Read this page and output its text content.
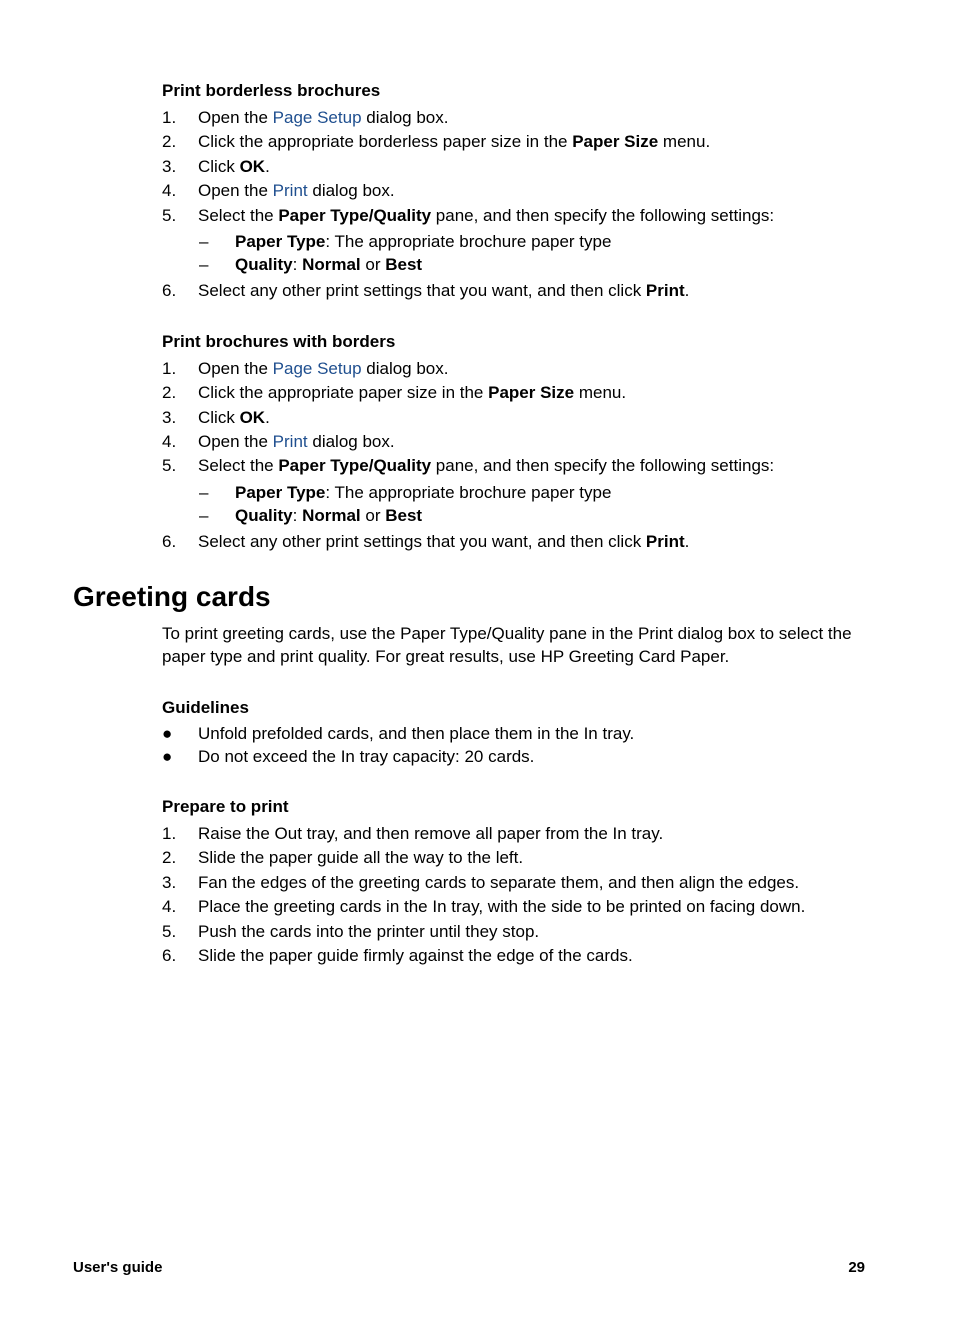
Print borderless brochures
1.	Open the Page Setup dialog box.
2.	Click the appropriate borderless paper size in the Paper Size menu.
3.	Click OK.
4.	Open the Print dialog box.
5.	Select the Paper Type/Quality pane, and then specify the following settings:
–	Paper Type: The appropriate brochure paper type
–	Quality: Normal or Best
6.	Select any other print settings that you want, and then click Print.
Print brochures with borders
1.	Open the Page Setup dialog box.
2.	Click the appropriate paper size in the Paper Size menu.
3.	Click OK.
4.	Open the Print dialog box.
5.	Select the Paper Type/Quality pane, and then specify the following settings:
–	Paper Type: The appropriate brochure paper type
–	Quality: Normal or Best
6.	Select any other print settings that you want, and then click Print.
Greeting cards
To print greeting cards, use the Paper Type/Quality pane in the Print dialog box to select the paper type and print quality. For great results, use HP Greeting Card Paper.
Guidelines
●	Unfold prefolded cards, and then place them in the In tray.
●	Do not exceed the In tray capacity: 20 cards.
Prepare to print
1.	Raise the Out tray, and then remove all paper from the In tray.
2.	Slide the paper guide all the way to the left.
3.	Fan the edges of the greeting cards to separate them, and then align the edges.
4.	Place the greeting cards in the In tray, with the side to be printed on facing down.
5.	Push the cards into the printer until they stop.
6.	Slide the paper guide firmly against the edge of the cards.
User's guide	29
